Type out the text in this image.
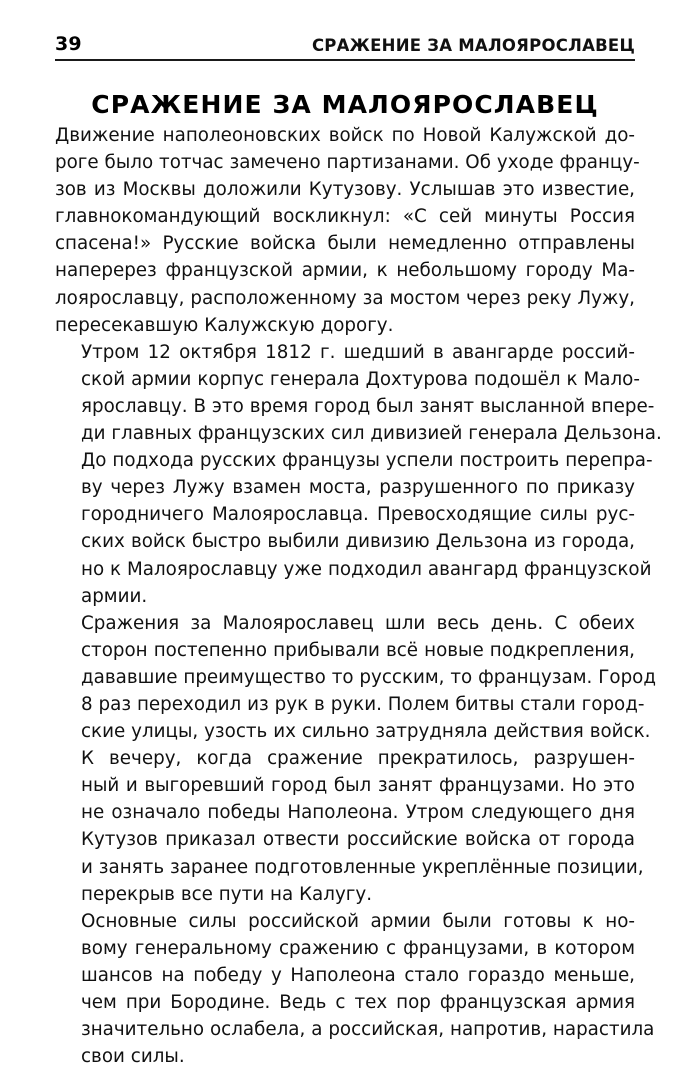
39	СРАЖЕНИЕ ЗА МАЛОЯРОСЛАВЕЦ
СРАЖЕНИЕ ЗА МАЛОЯРОСЛАВЕЦ

Движение наполеоновских войск по Новой Калужской до-
роге было тотчас замечено партизанами. Об уходе францу-
зов из Москвы доложили Кутузову. Услышав это известие,
главнокомандующий воскликнул: «С сей минуты Россия
спасена!» Русские войска были немедленно отправлены
наперерез французской армии, к небольшому городу Ма-
лоярославцу, расположенному за мостом через реку Лужу,
пересекавшую Калужскую дорогу.

Утром 12 октября 1812 г. шедший в авангарде россий-
ской армии корпус генерала Дохтурова подошёл к Мало-
ярославцу. В это время город был занят высланной впере-
ди главных французских сил дивизией генерала Дельзона.
До подхода русских французы успели построить перепра-
ву через Лужу взамен моста, разрушенного по приказу
городничего Малоярославца. Превосходящие силы рус-
ских войск быстро выбили дивизию Дельзона из города,
но к Малоярославцу уже подходил авангард французской
армии.

Сражения за Малоярославец шли весь день. С обеих
сторон постепенно прибывали всё новые подкрепления,
дававшие преимущество то русским, то французам. Город
8 раз переходил из рук в руки. Полем битвы стали город-
ские улицы, узость их сильно затрудняла действия войск.

К вечеру, когда сражение прекратилось, разрушен-
ный и выгоревший город был занят французами. Но это
не означало победы Наполеона. Утром следующего дня
Кутузов приказал отвести российские войска от города
и занять заранее подготовленные укреплённые позиции,
перекрыв все пути на Калугу.

Основные силы российской армии были готовы к но-
вому генеральному сражению с французами, в котором
шансов на победу у Наполеона стало гораздо меньше,
чем при Бородине. Ведь с тех пор французская армия
значительно ослабела, а российская, напротив, нарастила
свои силы.
